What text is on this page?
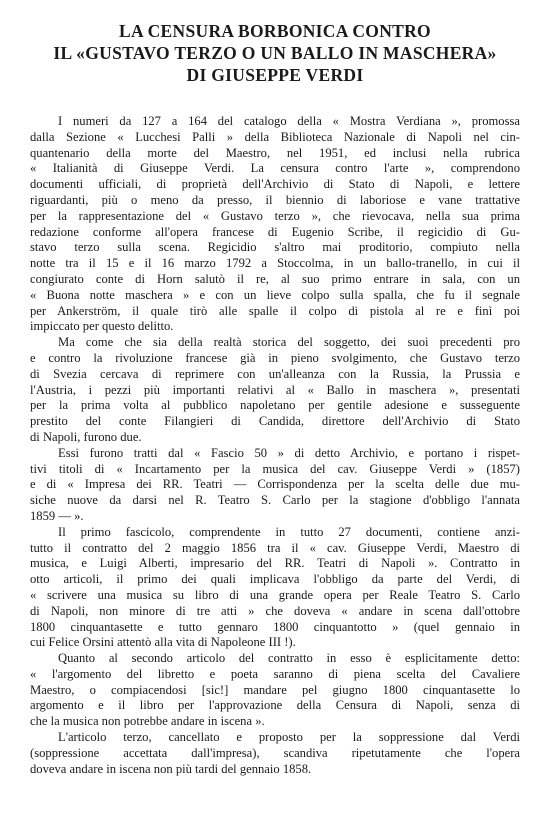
LA CENSURA BORBONICA CONTRO
IL «GUSTAVO TERZO O UN BALLO IN MASCHERA»
DI GIUSEPPE VERDI
I numeri da 127 a 164 del catalogo della « Mostra Verdiana », promossa
dalla Sezione « Lucchesi Palli » della Biblioteca Nazionale di Napoli nel cin-
quantenario della morte del Maestro, nel 1951, ed inclusi nella rubrica
« Italianità di Giuseppe Verdi. La censura contro l'arte », comprendono
documenti ufficiali, di proprietà dell'Archivio di Stato di Napoli, e lettere
riguardanti, più o meno da presso, il biennio di laboriose e vane trattative
per la rappresentazione del « Gustavo terzo », che rievocava, nella sua prima
redazione conforme all'opera francese di Eugenio Scribe, il regicidio di Gu-
stavo terzo sulla scena. Regicidio s'altro mai proditorio, compiuto nella
notte tra il 15 e il 16 marzo 1792 a Stoccolma, in un ballo-tranello, in cui il
congiurato conte di Horn salutò il re, al suo primo entrare in sala, con un
« Buona notte maschera » e con un lieve colpo sulla spalla, che fu il segnale
per Ankerström, il quale tirò alle spalle il colpo di pistola al re e finì poi
impiccato per questo delitto.
Ma come che sia della realtà storica del soggetto, dei suoi precedenti pro
e contro la rivoluzione francese già in pieno svolgimento, che Gustavo terzo
di Svezia cercava di reprimere con un'alleanza con la Russia, la Prussia e
l'Austria, i pezzi più importanti relativi al « Ballo in maschera », presentati
per la prima volta al pubblico napoletano per gentile adesione e susseguente
prestito del conte Filangieri di Candida, direttore dell'Archivio di Stato
di Napoli, furono due.
Essi furono tratti dal « Fascio 50 » di detto Archivio, e portano i rispet-
tivi titoli di « Incartamento per la musica del cav. Giuseppe Verdi » (1857)
e di « Impresa dei RR. Teatri — Corrispondenza per la scelta delle due mu-
siche nuove da darsi nel R. Teatro S. Carlo per la stagione d'obbligo l'annata
1859 — ».
Il primo fascicolo, comprendente in tutto 27 documenti, contiene anzi-
tutto il contratto del 2 maggio 1856 tra il « cav. Giuseppe Verdi, Maestro di
musica, e Luigi Alberti, impresario del RR. Teatri di Napoli ». Contratto in
otto articoli, il primo dei quali implicava l'obbligo da parte del Verdi, di
« scrivere una musica su libro di una grande opera per Reale Teatro S. Carlo
di Napoli, non minore di tre atti » che doveva « andare in scena dall'ottobre
1800 cinquantasette e tutto gennaro 1800 cinquantotto » (quel gennaio in
cui Felice Orsini attentò alla vita di Napoleone III !).
Quanto al secondo articolo del contratto in esso è esplicitamente detto:
« l'argomento del libretto e poeta saranno di piena scelta del Cavaliere
Maestro, o compiacendosi [sic!] mandare pel giugno 1800 cinquantasette lo
argomento e il libro per l'approvazione della Censura di Napoli, senza di
che la musica non potrebbe andare in iscena ».
L'articolo terzo, cancellato e proposto per la soppressione dal Verdi
(soppressione accettata dall'impresa), scandiva ripetutamente che l'opera
doveva andare in iscena non più tardi del gennaio 1858.
